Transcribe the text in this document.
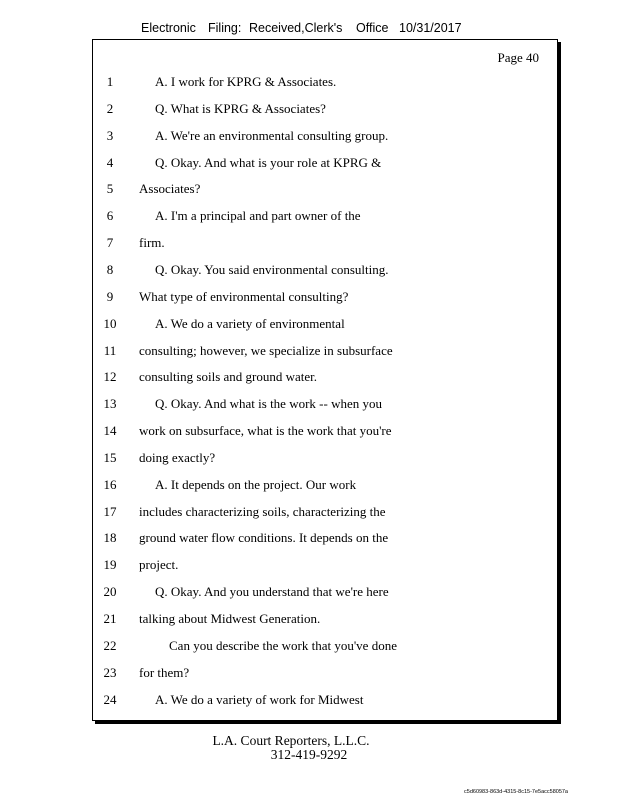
Electronic Filing: Received,Clerk's Office 10/31/2017
Page 40
1	A. I work for KPRG & Associates.
2	Q. What is KPRG & Associates?
3	A. We're an environmental consulting group.
4	Q. Okay. And what is your role at KPRG &
5	Associates?
6	A. I'm a principal and part owner of the
7	firm.
8	Q. Okay. You said environmental consulting.
9	What type of environmental consulting?
10	A. We do a variety of environmental
11	consulting; however, we specialize in subsurface
12	consulting soils and ground water.
13	Q. Okay. And what is the work -- when you
14	work on subsurface, what is the work that you're
15	doing exactly?
16	A. It depends on the project. Our work
17	includes characterizing soils, characterizing the
18	ground water flow conditions. It depends on the
19	project.
20	Q. Okay. And you understand that we're here
21	talking about Midwest Generation.
22	Can you describe the work that you've done
23	for them?
24	A. We do a variety of work for Midwest
L.A. Court Reporters, L.L.C.
312-419-9292
c5d60983-863d-4315-8c15-7e5acc58057a
